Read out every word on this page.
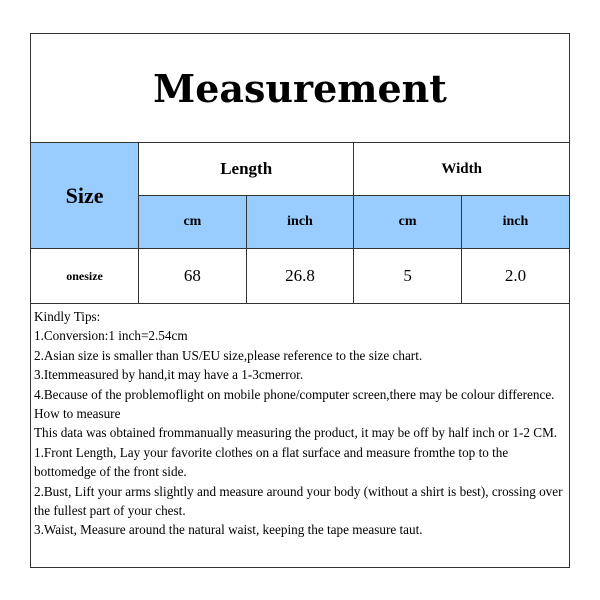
Measurement
Size	Length		Width	
	cm	inch	cm	inch
onesize	68	26.8	5	2.0
Kindly Tips:
1.Conversion:1 inch=2.54cm
2.Asian size is smaller than US/EU size,please reference to the size chart.
3.Itemmeasured by hand,it may have a 1-3cmerror.
4.Because of the problemoflight on mobile phone/computer screen,there may be colour difference.
How to measure
This data was obtained frommanually measuring the product, it may be off by half inch or 1-2 CM.
1.Front Length, Lay your favorite clothes on a flat surface and measure fromthe top to the bottomedge of the front side.
2.Bust, Lift your arms slightly and measure around your body (without a shirt is best), crossing over the fullest part of your chest.
3.Waist, Measure around the natural waist, keeping the tape measure taut.
